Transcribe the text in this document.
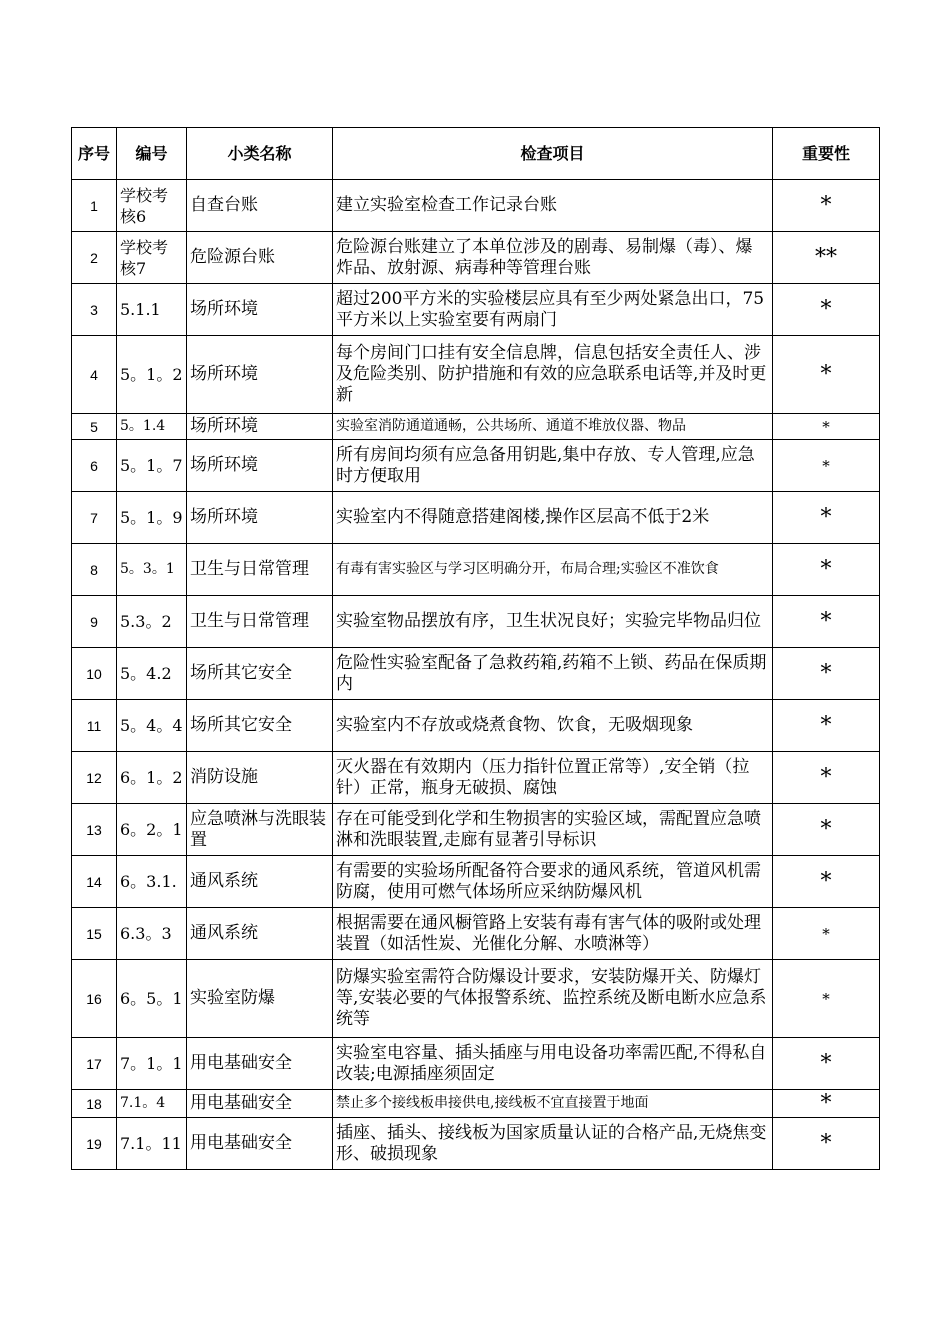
序号	编号	小类名称	检查项目	重要性
1	学校考核6	自查台账	建立实验室检查工作记录台账	*
2	学校考核7	危险源台账	危险源台账建立了本单位涉及的剧毒、易制爆（毒）、爆炸品、放射源、病毒种等管理台账	**
3	5.1.1	场所环境	超过200平方米的实验楼层应具有至少两处紧急出口，75平方米以上实验室要有两扇门	*
4	5。1。2	场所环境	每个房间门口挂有安全信息牌，信息包括安全责任人、涉及危险类别、防护措施和有效的应急联系电话等,并及时更新	*
5	5。1.4	场所环境	实验室消防通道通畅，公共场所、通道不堆放仪器、物品	*
6	5。1。7	场所环境	所有房间均须有应急备用钥匙,集中存放、专人管理,应急时方便取用	*
7	5。1。9	场所环境	实验室内不得随意搭建阁楼,操作区层高不低于2米	*
8	5。3。1	卫生与日常管理	有毒有害实验区与学习区明确分开，布局合理;实验区不准饮食	*
9	5.3。2	卫生与日常管理	实验室物品摆放有序，卫生状况良好；实验完毕物品归位	*
10	5。4.2	场所其它安全	危险性实验室配备了急救药箱,药箱不上锁、药品在保质期内	*
11	5。4。4	场所其它安全	实验室内不存放或烧煮食物、饮食，无吸烟现象	*
12	6。1。2	消防设施	灭火器在有效期内（压力指针位置正常等）,安全销（拉针）正常，瓶身无破损、腐蚀	*
13	6。2。1	应急喷淋与洗眼装置	存在可能受到化学和生物损害的实验区域，需配置应急喷淋和洗眼装置,走廊有显著引导标识	*
14	6。3.1.	通风系统	有需要的实验场所配备符合要求的通风系统，管道风机需防腐，使用可燃气体场所应采纳防爆风机	*
15	6.3。3	通风系统	根据需要在通风橱管路上安装有毒有害气体的吸附或处理装置（如活性炭、光催化分解、水喷淋等）	*
16	6。5。1	实验室防爆	防爆实验室需符合防爆设计要求，安装防爆开关、防爆灯等,安装必要的气体报警系统、监控系统及断电断水应急系统等	*
17	7。1。1	用电基础安全	实验室电容量、插头插座与用电设备功率需匹配,不得私自改装;电源插座须固定	*
18	7.1。4	用电基础安全	禁止多个接线板串接供电,接线板不宜直接置于地面	*
19	7.1。11	用电基础安全	插座、插头、接线板为国家质量认证的合格产品,无烧焦变形、破损现象	*
